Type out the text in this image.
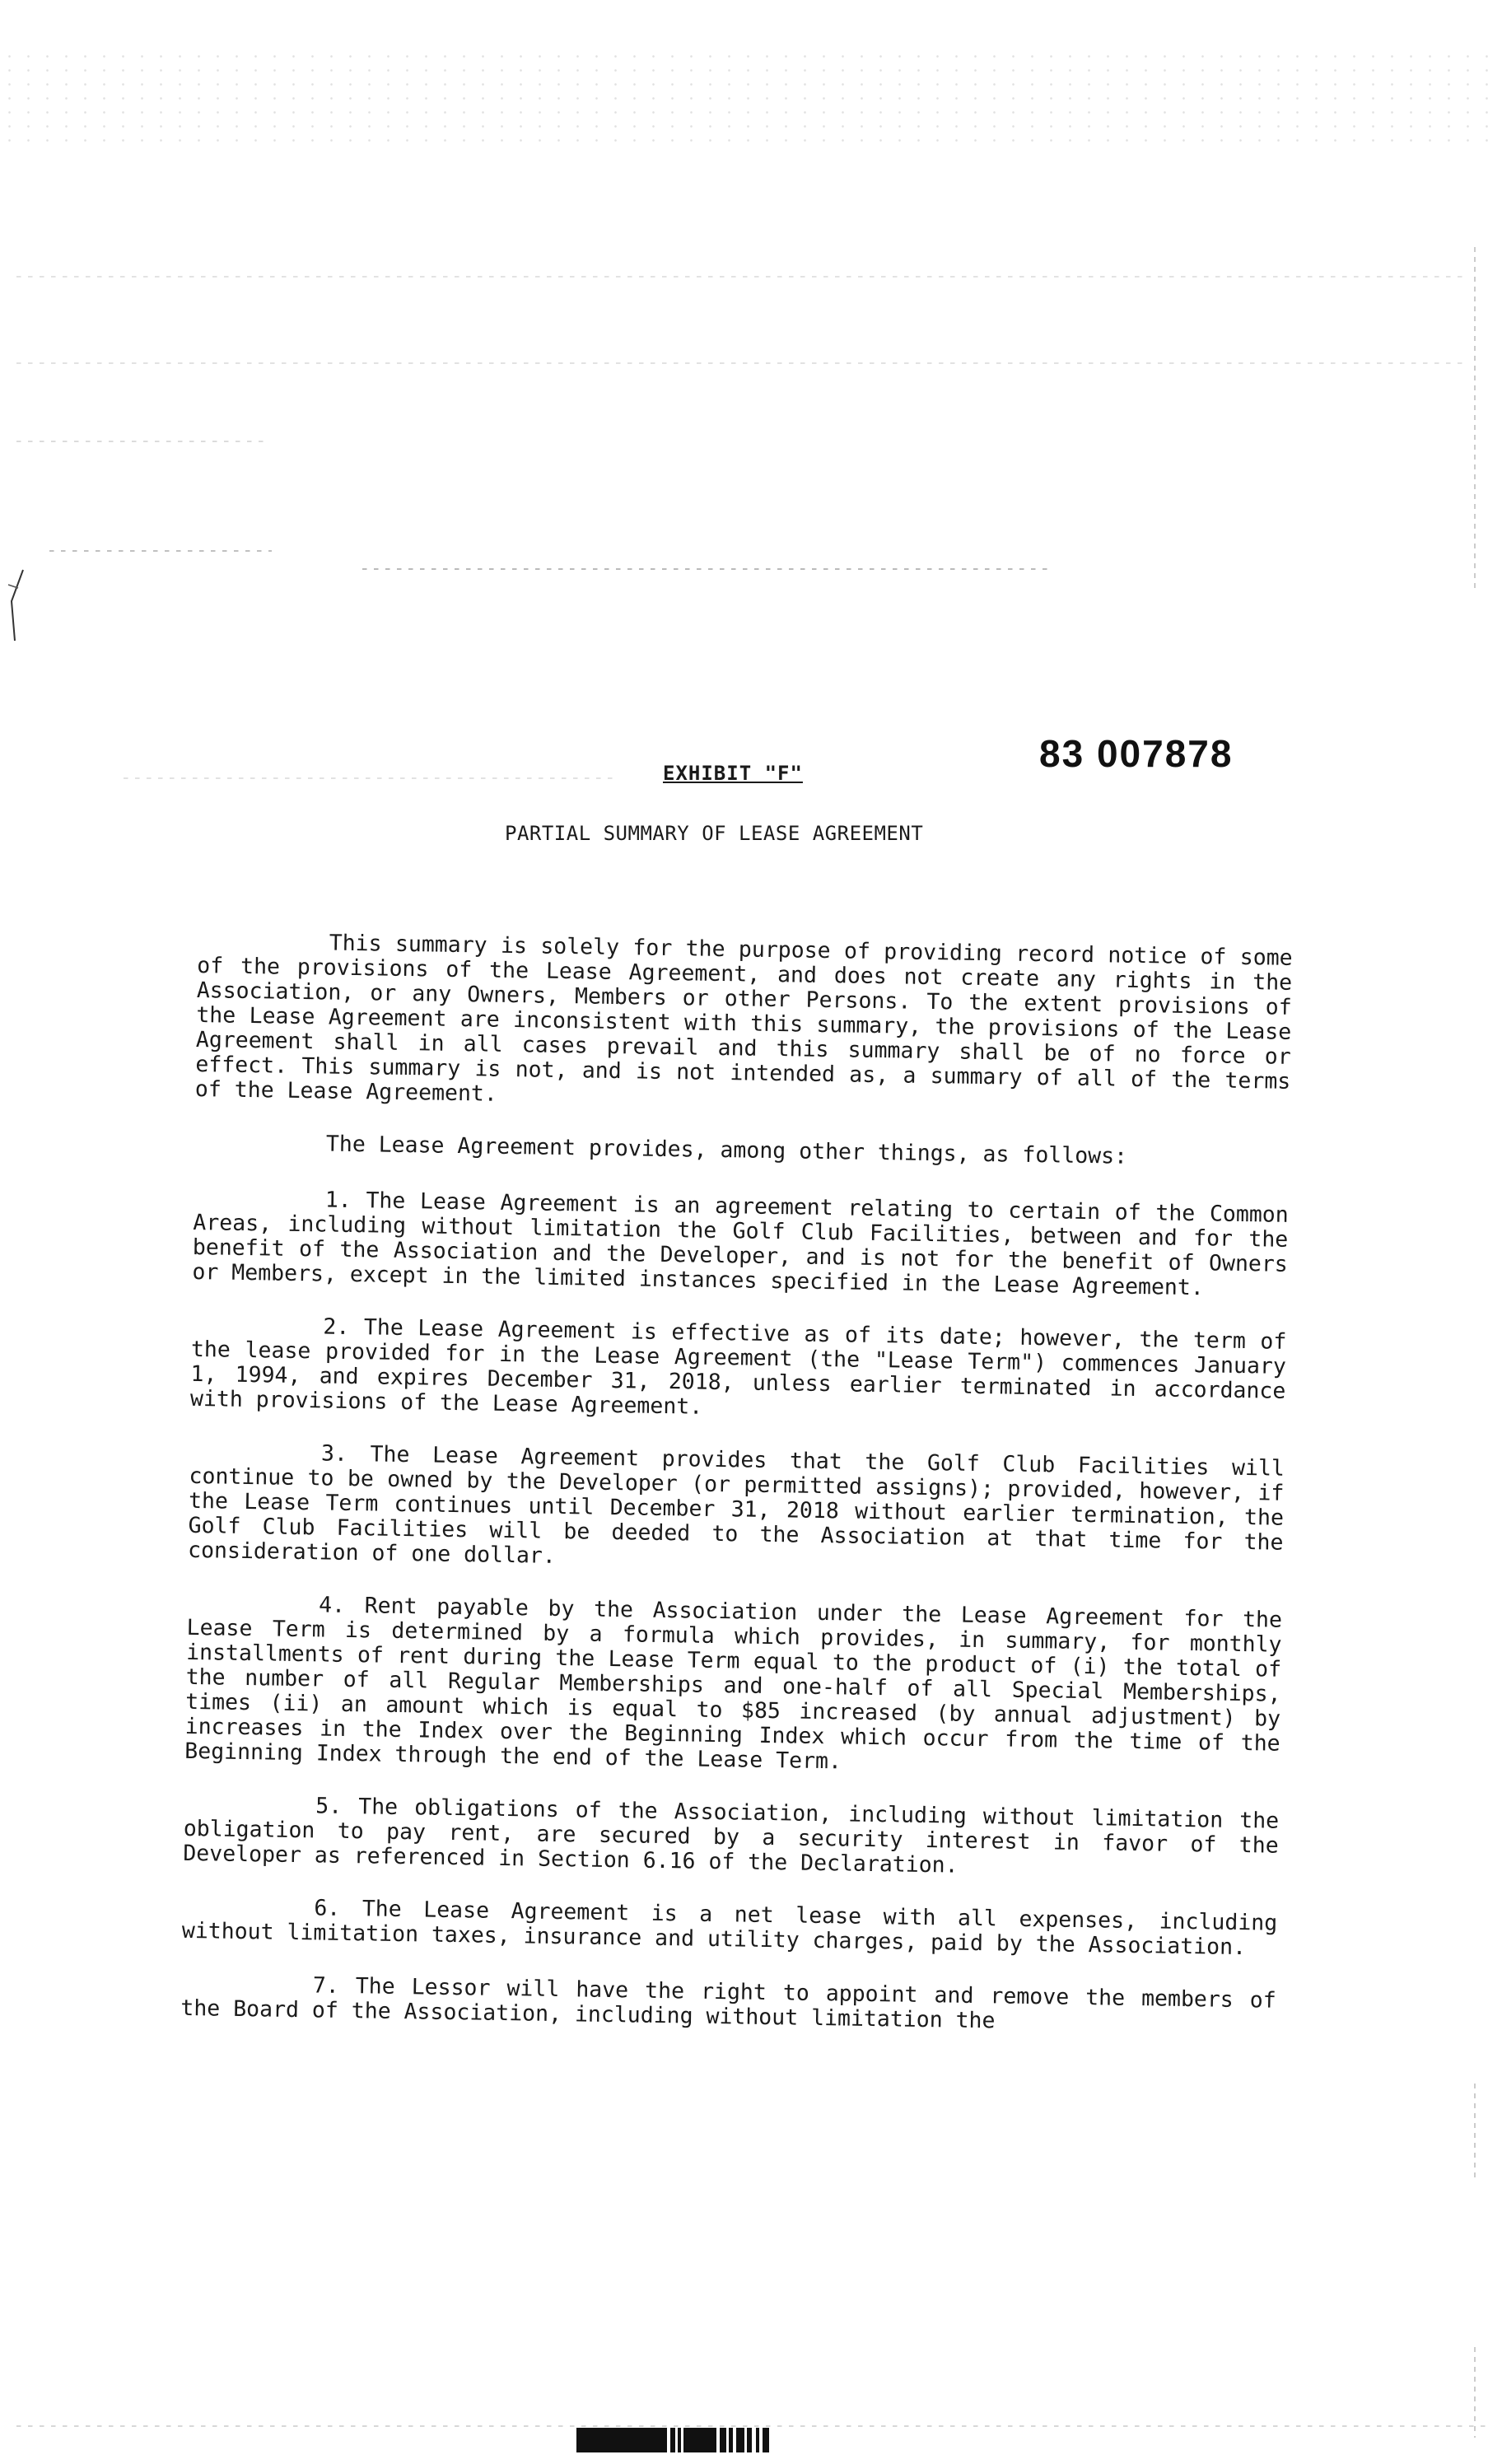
83 007878
EXHIBIT "F"
PARTIAL SUMMARY OF LEASE AGREEMENT

This summary is solely for the purpose of providing record notice of some of the provisions of the Lease Agreement, and does not create any rights in the Association, or any Owners, Members or other Persons. To the extent provisions of the Lease Agreement are inconsistent with this summary, the provisions of the Lease Agreement shall in all cases prevail and this summary shall be of no force or effect. This summary is not, and is not intended as, a summary of all of the terms of the Lease Agreement.

The Lease Agreement provides, among other things, as follows:

1. The Lease Agreement is an agreement relating to certain of the Common Areas, including without limitation the Golf Club Facilities, between and for the benefit of the Association and the Developer, and is not for the benefit of Owners or Members, except in the limited instances specified in the Lease Agreement.

2. The Lease Agreement is effective as of its date; however, the term of the lease provided for in the Lease Agreement (the "Lease Term") commences January 1, 1994, and expires December 31, 2018, unless earlier terminated in accordance with provisions of the Lease Agreement.

3. The Lease Agreement provides that the Golf Club Facilities will continue to be owned by the Developer (or permitted assigns); provided, however, if the Lease Term continues until December 31, 2018 without earlier termination, the Golf Club Facilities will be deeded to the Association at that time for the consideration of one dollar.

4. Rent payable by the Association under the Lease Agreement for the Lease Term is determined by a formula which provides, in summary, for monthly installments of rent during the Lease Term equal to the product of (i) the total of the number of all Regular Memberships and one-half of all Special Memberships, times (ii) an amount which is equal to $85 increased (by annual adjustment) by increases in the Index over the Beginning Index which occur from the time of the Beginning Index through the end of the Lease Term.

5. The obligations of the Association, including without limitation the obligation to pay rent, are secured by a security interest in favor of the Developer as referenced in Section 6.16 of the Declaration.

6. The Lease Agreement is a net lease with all expenses, including without limitation taxes, insurance and utility charges, paid by the Association.

7. The Lessor will have the right to appoint and remove the members of the Board of the Association, including without limitation the
